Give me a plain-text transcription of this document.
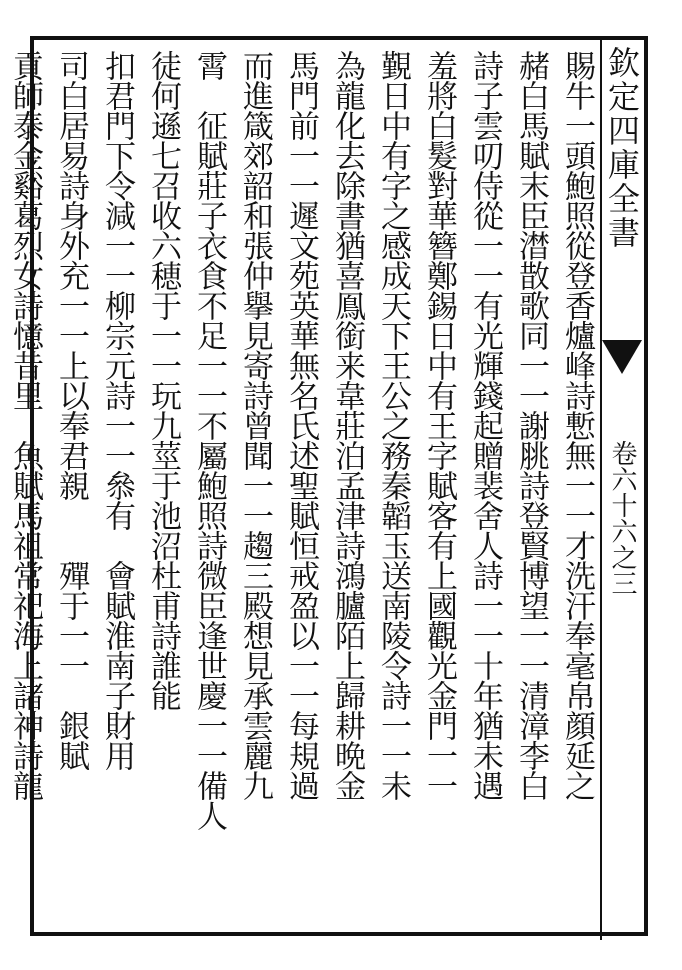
欽定四庫全書
卷六十六之三
賜牛一頭鮑照從登香爐峰詩慙無一一才洗汗奉毫帛顔延之
赭白馬賦末臣澘㪚歌同一一謝脁詩登賢博望一一清漳李白
詩子雲叨侍從一一有光輝錢起贈裴舍人詩一一十年猶未遇
羞將白髮對華簪鄭錫日中有王字賦客有上國觀光金門一一
覲日中有字之感成天下王公之務秦韜玉送南陵令詩一一未
為龍化去除書猶喜鳯銜来韋莊泊孟津詩鴻臚陌上歸耕晩金
馬門前一一遲文苑英華無名氏述聖賦恒戒盈以一一每規過
而進箴郊韶和張仲擧見寄詩曾聞一一趨三殿想見承雲麗九
霄　征賦莊子衣食不足一一不屬鮑照詩微臣逢世慶一一備人
徒何遜七召收六穂于一一玩九莖于池沼杜甫詩誰能
扣君門下令減一一柳宗元詩一一叅有　會賦淮南子財用
司白居易詩身外充一一上以奉君親　　殫于一一　銀賦
貢師泰金谿葛烈女詩憶昔里　魚賦馬祖常祀海上諸神詩龍
